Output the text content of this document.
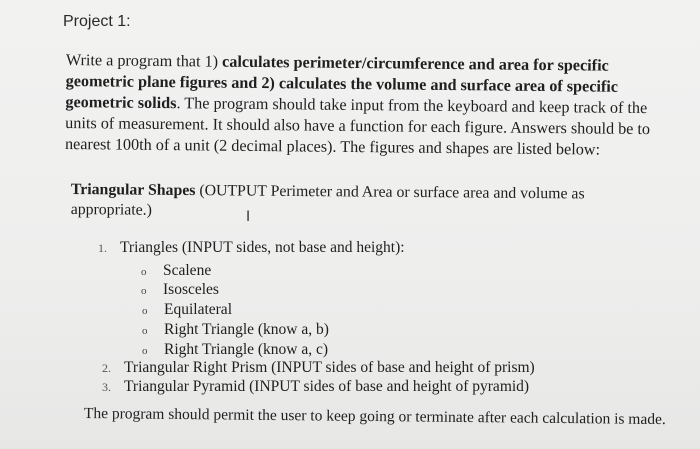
Project 1:
Write a program that 1) calculates perimeter/circumference and area for specific geometric plane figures and 2) calculates the volume and surface area of specific geometric solids. The program should take input from the keyboard and keep track of the units of measurement. It should also have a function for each figure. Answers should be to nearest 100th of a unit (2 decimal places). The figures and shapes are listed below:
Triangular Shapes (OUTPUT Perimeter and Area or surface area and volume as appropriate.)	I
1. Triangles (INPUT sides, not base and height):
o Scalene
o Isosceles
o Equilateral
o Right Triangle (know a, b)
o Right Triangle (know a, c)
2. Triangular Right Prism (INPUT sides of base and height of prism)
3. Triangular Pyramid (INPUT sides of base and height of pyramid)
The program should permit the user to keep going or terminate after each calculation is made.
